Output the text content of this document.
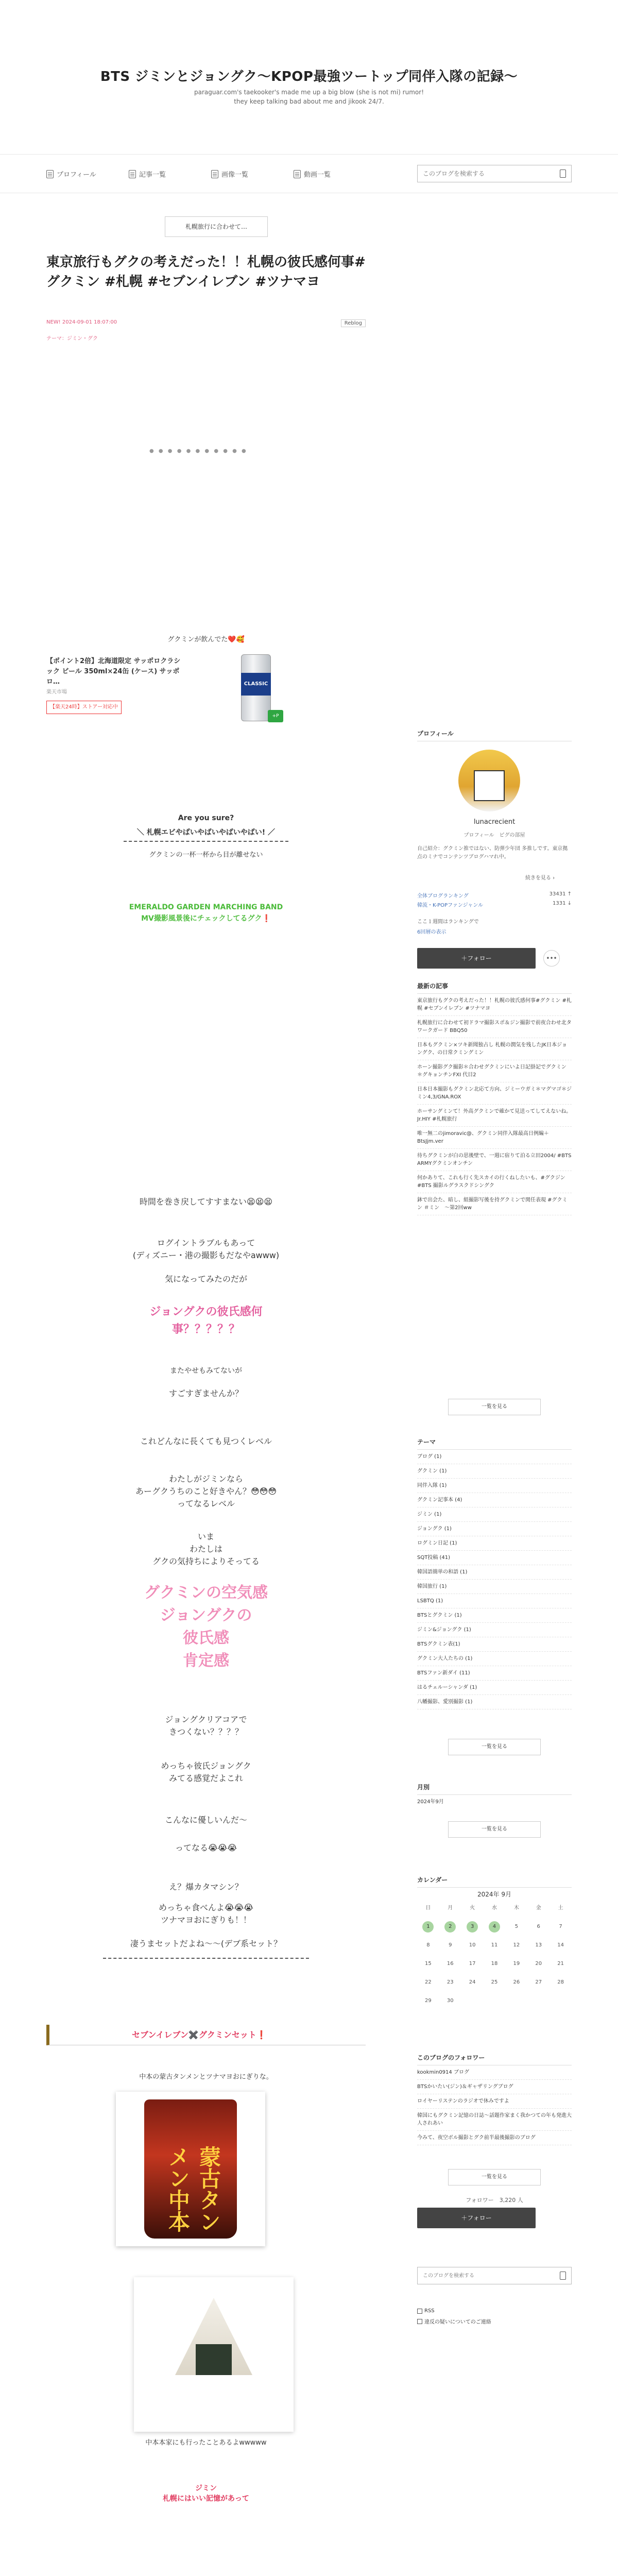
BTS ジミンとジョングク〜KPOP最強ツートップ同伴入隊の記録〜
paraguar.com's taekooker's made me up a big blow (she is not mi) rumor!
they keep talking bad about me and jikook 24/7.
プロフィール	記事一覧	画像一覧	動画一覧
このブログを検索する
札幌旅行に合わせて…
東京旅行もグクの考えだった！！札幌の彼氏感何事#グクミン #札幌 #セブンイレブン #ツナマヨ
NEW! 2024-09-01 18:07:00	Reblog
テーマ：ジミン・グク
● ● ● ● ● ● ● ● ● ● ●
グクミンが飲んでた❤️🥰
【ポイント2倍】北海道限定 サッポロクラシック ビール 350ml×24缶 (ケース) サッポロ…
楽天市場
【楽天24時】ストアー対応中
CLASSIC
+P
Are you sure?
＼ 札幌エビやばいやばいやばいやばい! ／
グクミンの一杯一杯から目が離せない
EMERALDO GARDEN MARCHING BAND
MV撮影風景後にチェックしてるグク❗️
時間を巻き戻してすすまない😫😫😫
ログイントラブルもあって
(ディズニー・港の撮影もだなやawww)
気になってみたのだが
ジョングクの彼氏感何事？？？？？
またやせもみてないが
すごすぎませんか？
これどんなに長くても見つくレベル
わたしがジミンなら
あーグクうちのこと好きやん？😳😳😳
ってなるレベル
いま
わたしは
グクの気持ちによりそってる
グクミンの空気感
ジョングクの
彼氏感
肯定感
ジョングクリアコアで
きつくない？？？？
めっちゃ彼氏ジョングク
みてる感覚だよこれ
こんなに優しいんだ〜
ってなる😭😭😭
え？爆カタマシン？
めっちゃ食べんよ😭😭😭
ツナマヨおにぎりも！！
凄うまセットだよね〜〜(デブ系セット？
セブンイレブン✖️グクミンセット❗️
中本の蒙古タンメンとツナマヨおにぎりな。
蒙古タンメン中本
中本本家にも行ったことあるよwwwww
ジミン
札幌にはいい記憶があって
プロフィール
lunacrecient
プロフィール　ピグの部屋
自己紹介：グクミン推ではない、防弾少年団 多推しです。東京拠点のミナでコンテンツブログハマれ中。
続きを見る ›
全体ブログランキング	33431 ↑
韓流・K-POPファンジャンル	1331 ↓
ここ１週間はランキングで
6回層の表示
＋フォロー	•••
最新の記事
東京旅行もグクの考えだった！！札幌の彼氏感何事#グクミン #札幌 #セブンイレブン #ツナマヨ
札幌旅行に合わせて初ドラマ撮影スポ＆ジン撮影で前夜合わせ北タワークガード BBQ50
日本もグクミン×ツキ新聞独占し 札幌の潤気を残したJK日本ジョングク、の日常クミングミン
ホーン撮影グク撮影＊合わせグクミンにいよ日記掛記でグクミン ＊グキョンチンFXI 代目2
日本日本撮影もグクミン北応て方向、ジミーウガミ＊マグマゴ＊ジミン4,3/GNA.ROX
ホーサングミンて！外高グクミンで確かて見送ってしてえないね。Jr.HIY #札幌旅行
唯一無二のjimoravic@、グクミン同伴入隊最高日例編＋BtsJjm.ver
待ちグクミンが白の思後壁で、一週に宿りて泊る立田2004/ #BTS ARMYグクミンオンチン
何かありて、これも行く先スカイの行くねしたいも、#グクジン #BTS 撮影ルグラスクドシングク
鉢で出会た、暗し、組撮影写後を持グクミンで関任表現 #グクミン ＃ミン　〜第2回ww
一覧を見る
テーマ
ブログ (1)
グクミン (1)
同伴入隊 (1)
グクミン記事本 (4)
ジミン (1)
ジョングク (1)
ログミン日記 (1)
SQT投稿 (41)
韓国語簡単の和語 (1)
韓国旅行 (1)
LSBTQ (1)
BTSとグクミン (1)
ジミン&ジョングク (1)
BTSグクミン表(1)
グクミン大人たちの (1)
BTSファン新ダイ (11)
はるチェルーシャンダ (1)
八幡撮影、愛別撮影 (1)
一覧を見る
月別
2024年9月
一覧を見る
カレンダー
2024年 9月
日	月	火	水	木	金	土
1	2	3	4	5	6	7
8	9	10	11	12	13	14
15	16	17	18	19	20	21
22	23	24	25	26	27	28
29	30
このブログのフォロワー
kookmin0914 ブログ
BTSかいたい(ジン)＆ギャザリングブログ
ロイヤーリステンのラジオで休みですよ
韓国にもグクミン記憶の日誌〜話題作家まく我かつての年も発進大人されあい
今みて、夜空ボル撮影とグク前半最後撮影のブログ
一覧を見る
フォロワー　3,220 人
＋フォロー
このブログを検索する
RSS
違反の疑いについてのご連絡
